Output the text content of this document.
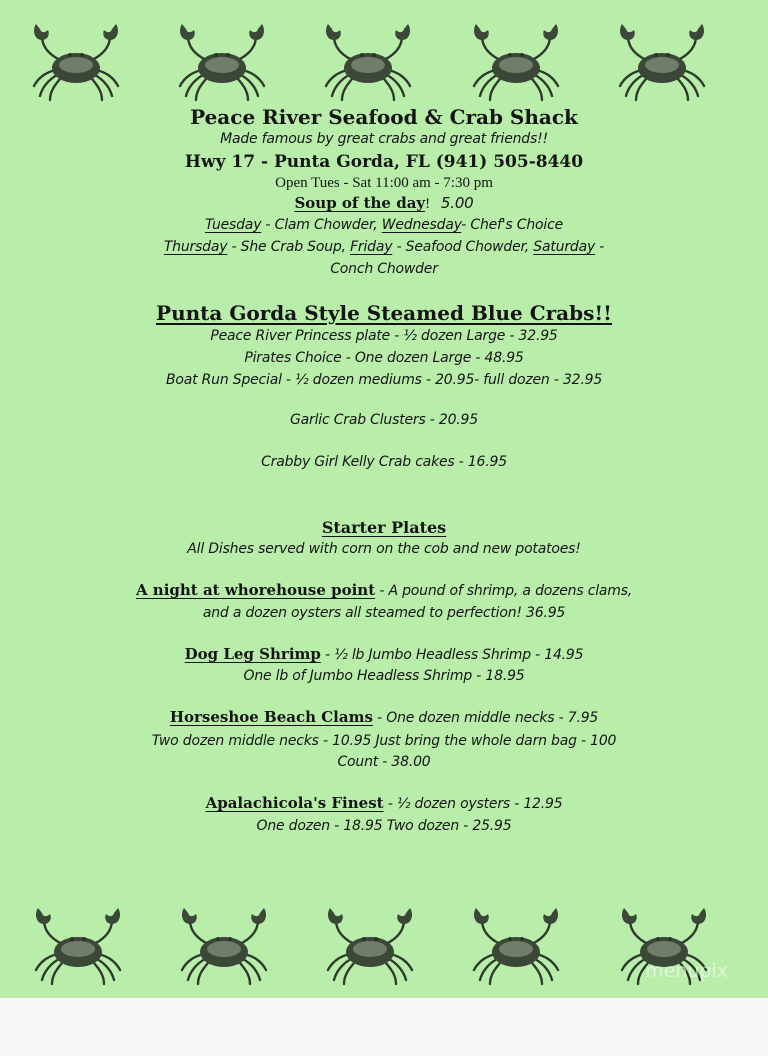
Peace River Seafood & Crab Shack
Made famous by great crabs and great friends!!
Hwy 17 - Punta Gorda, FL (941) 505-8440
Open Tues - Sat 11:00 am - 7:30 pm
Soup of the day! 5.00
Tuesday - Clam Chowder, Wednesday- Chef's Choice
Thursday - She Crab Soup, Friday - Seafood Chowder, Saturday -
Conch Chowder
Punta Gorda Style Steamed Blue Crabs!!
Peace River Princess plate - ½ dozen Large - 32.95
Pirates Choice - One dozen Large - 48.95
Boat Run Special - ½ dozen mediums - 20.95- full dozen - 32.95
Garlic Crab Clusters - 20.95
Crabby Girl Kelly Crab cakes - 16.95
Starter Plates
All Dishes served with corn on the cob and new potatoes!
A night at whorehouse point - A pound of shrimp, a dozens clams,
and a dozen oysters all steamed to perfection! 36.95
Dog Leg Shrimp - ½ lb Jumbo Headless Shrimp - 14.95
One lb of Jumbo Headless Shrimp - 18.95
Horseshoe Beach Clams - One dozen middle necks - 7.95
Two dozen middle necks - 10.95 Just bring the whole darn bag - 100
Count - 38.00
Apalachicola's Finest - ½ dozen oysters - 12.95
One dozen - 18.95 Two dozen - 25.95
menupix
